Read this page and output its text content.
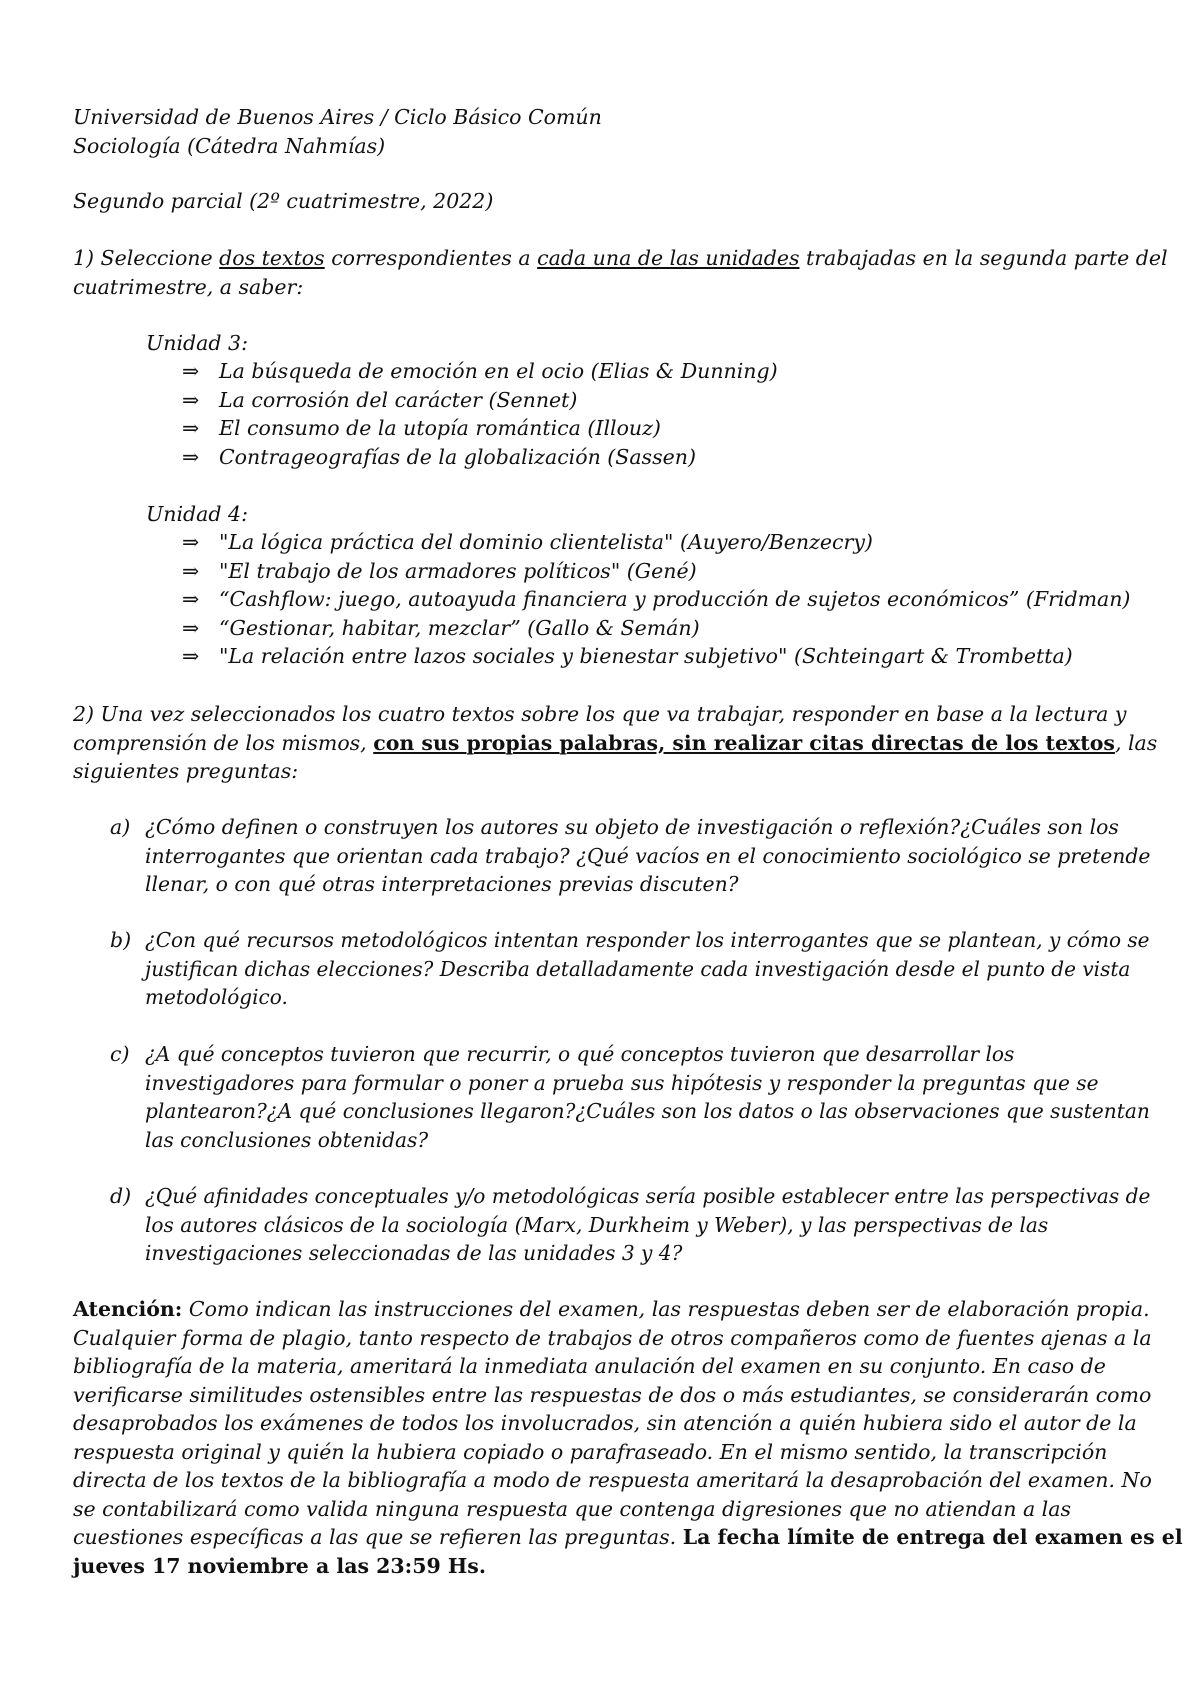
Universidad de Buenos Aires / Ciclo Básico Común
Sociología (Cátedra Nahmías)
Segundo parcial (2º cuatrimestre, 2022)
1) Seleccione dos textos correspondientes a cada una de las unidades trabajadas en la segunda parte del
cuatrimestre, a saber:
Unidad 3:
⇒ La búsqueda de emoción en el ocio (Elias & Dunning)
⇒ La corrosión del carácter (Sennet)
⇒ El consumo de la utopía romántica (Illouz)
⇒ Contrageografías de la globalización (Sassen)
Unidad 4:
⇒ "La lógica práctica del dominio clientelista" (Auyero/Benzecry)
⇒ "El trabajo de los armadores políticos" (Gené)
⇒ “Cashflow: juego, autoayuda financiera y producción de sujetos económicos” (Fridman)
⇒ “Gestionar, habitar, mezclar” (Gallo & Semán)
⇒ "La relación entre lazos sociales y bienestar subjetivo" (Schteingart & Trombetta)
2) Una vez seleccionados los cuatro textos sobre los que va trabajar, responder en base a la lectura y
comprensión de los mismos, con sus propias palabras, sin realizar citas directas de los textos, las
siguientes preguntas:
a) ¿Cómo definen o construyen los autores su objeto de investigación o reflexión?¿Cuáles son los
interrogantes que orientan cada trabajo? ¿Qué vacíos en el conocimiento sociológico se pretende
llenar, o con qué otras interpretaciones previas discuten?
b) ¿Con qué recursos metodológicos intentan responder los interrogantes que se plantean, y cómo se
justifican dichas elecciones? Describa detalladamente cada investigación desde el punto de vista
metodológico.
c) ¿A qué conceptos tuvieron que recurrir, o qué conceptos tuvieron que desarrollar los
investigadores para formular o poner a prueba sus hipótesis y responder la preguntas que se
plantearon?¿A qué conclusiones llegaron?¿Cuáles son los datos o las observaciones que sustentan
las conclusiones obtenidas?
d) ¿Qué afinidades conceptuales y/o metodológicas sería posible establecer entre las perspectivas de
los autores clásicos de la sociología (Marx, Durkheim y Weber), y las perspectivas de las
investigaciones seleccionadas de las unidades 3 y 4?
Atención: Como indican las instrucciones del examen, las respuestas deben ser de elaboración propia.
Cualquier forma de plagio, tanto respecto de trabajos de otros compañeros como de fuentes ajenas a la
bibliografía de la materia, ameritará la inmediata anulación del examen en su conjunto. En caso de
verificarse similitudes ostensibles entre las respuestas de dos o más estudiantes, se considerarán como
desaprobados los exámenes de todos los involucrados, sin atención a quién hubiera sido el autor de la
respuesta original y quién la hubiera copiado o parafraseado. En el mismo sentido, la transcripción
directa de los textos de la bibliografía a modo de respuesta ameritará la desaprobación del examen. No
se contabilizará como valida ninguna respuesta que contenga digresiones que no atiendan a las
cuestiones específicas a las que se refieren las preguntas. La fecha límite de entrega del examen es el
jueves 17 noviembre a las 23:59 Hs.
